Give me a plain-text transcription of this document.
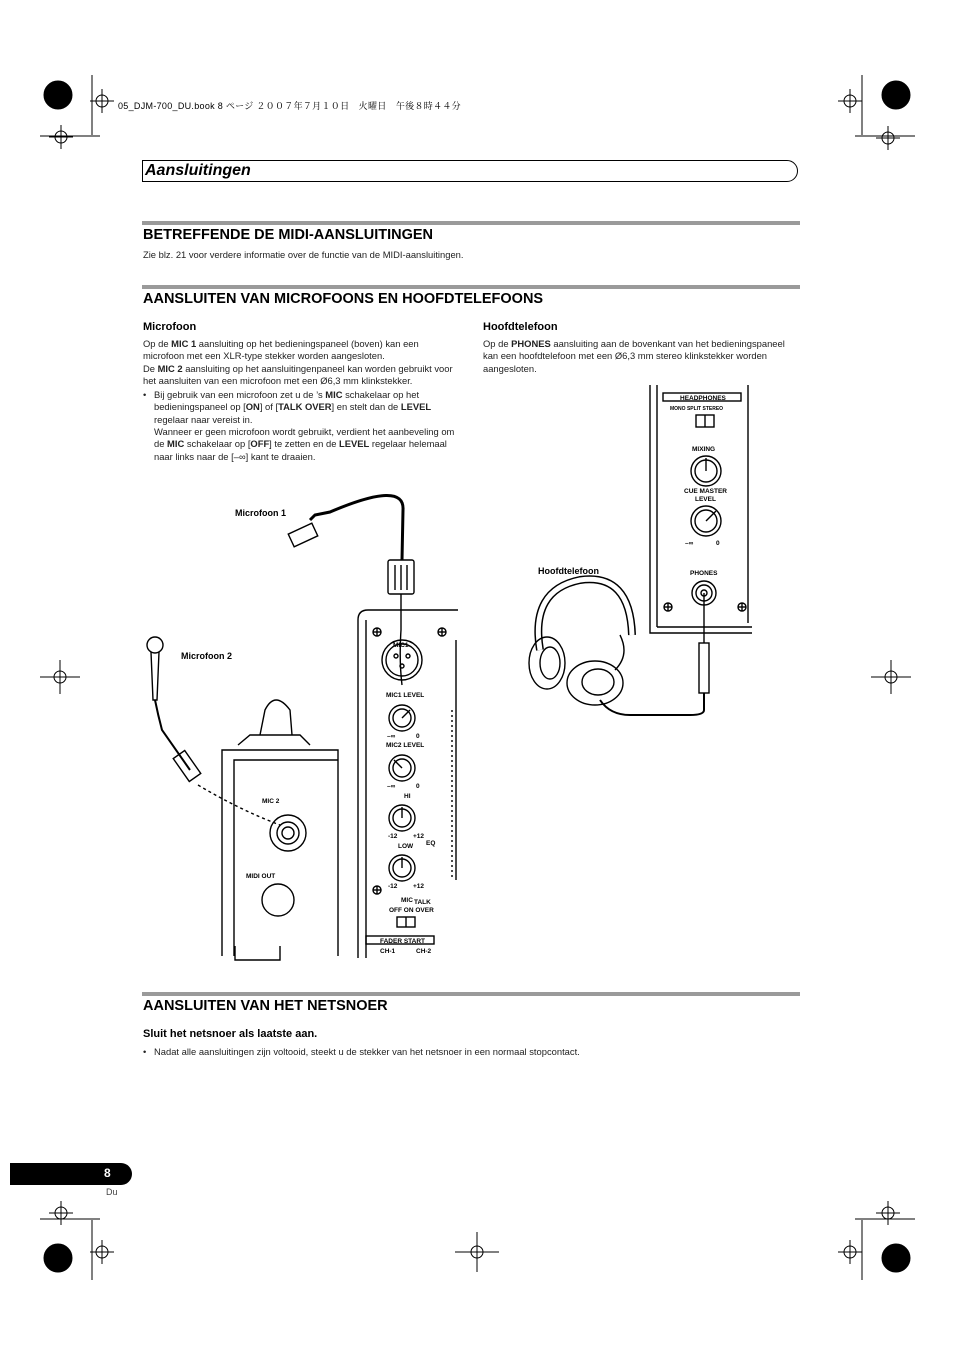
05_DJM-700_DU.book 8 ページ ２００７年７月１０日　火曜日　午後８時４４分
Aansluitingen
BETREFFENDE DE MIDI-AANSLUITINGEN
Zie blz. 21 voor verdere informatie over de functie van de MIDI-aansluitingen.
AANSLUITEN VAN MICROFOONS EN HOOFDTELEFOONS
Microfoon

Op de MIC 1 aansluiting op het bedieningspaneel (boven) kan een microfoon met een XLR-type stekker worden aangesloten.

De MIC 2 aansluiting op het aansluitingenpaneel kan worden gebruikt voor het aansluiten van een microfoon met een Ø6,3 mm klinkstekker.

• Bij gebruik van een microfoon zet u de ’s MIC schakelaar op het bedieningspaneel op [ON] of [TALK OVER] en stelt dan de LEVEL regelaar naar vereist in.
Wanneer er geen microfoon wordt gebruikt, verdient het aanbeveling om de MIC schakelaar op [OFF] te zetten en de LEVEL regelaar helemaal naar links naar de [–∞] kant te draaien.
Hoofdtelefoon

Op de PHONES aansluiting aan de bovenkant van het bedieningspaneel kan een hoofdtelefoon met een Ø6,3 mm stereo klinkstekker worden aangesloten.

MIC1
MIC1 LEVEL
–∞	0
MIC2 LEVEL
–∞	0
HI
-12 +12
LOW EQ
-12 +12
MIC TALK
OFF ON OVER
FADER START
CH-1	CH-2
MIC 2
MIDI OUT
Microfoon 1
Microfoon 2
HEADPHONES
MONO SPLIT STEREO
MIXING
CUE MASTER
LEVEL
–∞	0
PHONES
Hoofdtelefoon
AANSLUITEN VAN HET NETSNOER
Sluit het netsnoer als laatste aan.
• Nadat alle aansluitingen zijn voltooid, steekt u de stekker van het netsnoer in een normaal stopcontact.
8
Du
